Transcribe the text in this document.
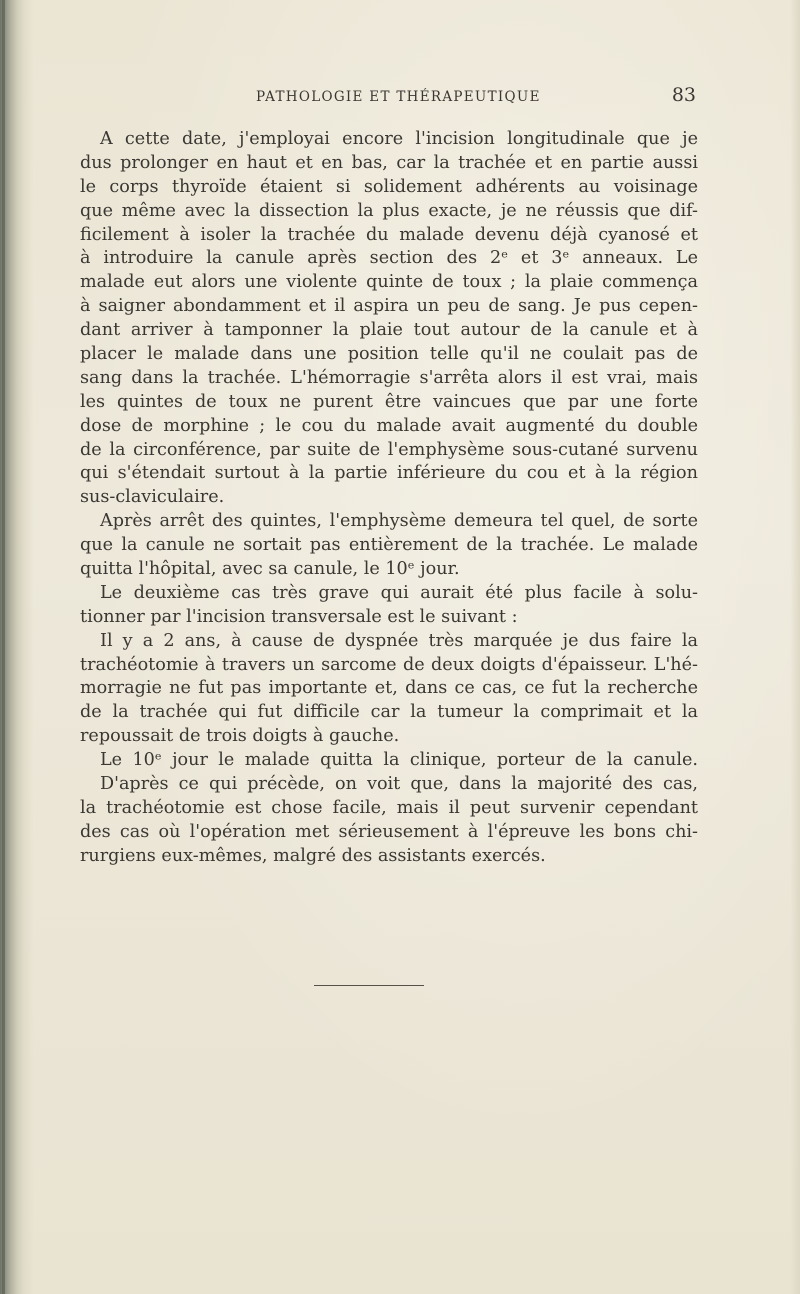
PATHOLOGIE ET THÉRAPEUTIQUE	83
A cette date, j'employai encore l'incision longitudinale que je
dus prolonger en haut et en bas, car la trachée et en partie aussi
le corps thyroïde étaient si solidement adhérents au voisinage
que même avec la dissection la plus exacte, je ne réussis que dif-
ficilement à isoler la trachée du malade devenu déjà cyanosé et
à introduire la canule après section des 2ᵉ et 3ᵉ anneaux. Le
malade eut alors une violente quinte de toux ; la plaie commença
à saigner abondamment et il aspira un peu de sang. Je pus cepen-
dant arriver à tamponner la plaie tout autour de la canule et à
placer le malade dans une position telle qu'il ne coulait pas de
sang dans la trachée. L'hémorragie s'arrêta alors il est vrai, mais
les quintes de toux ne purent être vaincues que par une forte
dose de morphine ; le cou du malade avait augmenté du double
de la circonférence, par suite de l'emphysème sous-cutané survenu
qui s'étendait surtout à la partie inférieure du cou et à la région
sus-claviculaire.
Après arrêt des quintes, l'emphysème demeura tel quel, de sorte
que la canule ne sortait pas entièrement de la trachée. Le malade
quitta l'hôpital, avec sa canule, le 10ᵉ jour.
Le deuxième cas très grave qui aurait été plus facile à solu-
tionner par l'incision transversale est le suivant :
Il y a 2 ans, à cause de dyspnée très marquée je dus faire la
trachéotomie à travers un sarcome de deux doigts d'épaisseur. L'hé-
morragie ne fut pas importante et, dans ce cas, ce fut la recherche
de la trachée qui fut difficile car la tumeur la comprimait et la
repoussait de trois doigts à gauche.
Le 10ᵉ jour le malade quitta la clinique, porteur de la canule.
D'après ce qui précède, on voit que, dans la majorité des cas,
la trachéotomie est chose facile, mais il peut survenir cependant
des cas où l'opération met sérieusement à l'épreuve les bons chi-
rurgiens eux-mêmes, malgré des assistants exercés.
